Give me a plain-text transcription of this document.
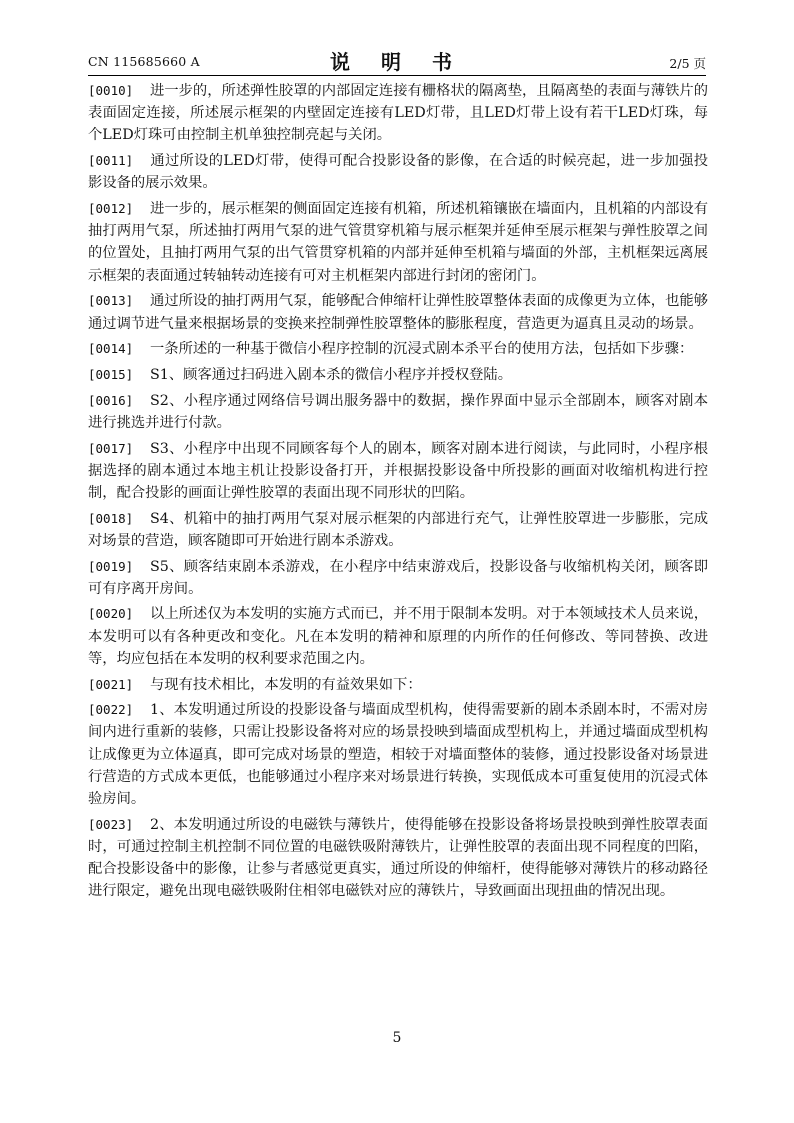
CN 115685660 A	说 明 书	2/5 页

[0010] 进一步的，所述弹性胶罩的内部固定连接有栅格状的隔离垫，且隔离垫的表面与薄铁片的表面固定连接，所述展示框架的内壁固定连接有LED灯带，且LED灯带上设有若干LED灯珠，每个LED灯珠可由控制主机单独控制亮起与关闭。

[0011] 通过所设的LED灯带，使得可配合投影设备的影像，在合适的时候亮起，进一步加强投影设备的展示效果。

[0012] 进一步的，展示框架的侧面固定连接有机箱，所述机箱镶嵌在墙面内，且机箱的内部设有抽打两用气泵，所述抽打两用气泵的进气管贯穿机箱与展示框架并延伸至展示框架与弹性胶罩之间的位置处，且抽打两用气泵的出气管贯穿机箱的内部并延伸至机箱与墙面的外部，主机框架远离展示框架的表面通过转轴转动连接有可对主机框架内部进行封闭的密闭门。

[0013] 通过所设的抽打两用气泵，能够配合伸缩杆让弹性胶罩整体表面的成像更为立体，也能够通过调节进气量来根据场景的变换来控制弹性胶罩整体的膨胀程度，营造更为逼真且灵动的场景。

[0014] 一条所述的一种基于微信小程序控制的沉浸式剧本杀平台的使用方法，包括如下步骤：

[0015] S1、顾客通过扫码进入剧本杀的微信小程序并授权登陆。

[0016] S2、小程序通过网络信号调出服务器中的数据，操作界面中显示全部剧本，顾客对剧本进行挑选并进行付款。

[0017] S3、小程序中出现不同顾客每个人的剧本，顾客对剧本进行阅读，与此同时，小程序根据选择的剧本通过本地主机让投影设备打开，并根据投影设备中所投影的画面对收缩机构进行控制，配合投影的画面让弹性胶罩的表面出现不同形状的凹陷。

[0018] S4、机箱中的抽打两用气泵对展示框架的内部进行充气，让弹性胶罩进一步膨胀，完成对场景的营造，顾客随即可开始进行剧本杀游戏。

[0019] S5、顾客结束剧本杀游戏，在小程序中结束游戏后，投影设备与收缩机构关闭，顾客即可有序离开房间。

[0020] 以上所述仅为本发明的实施方式而已，并不用于限制本发明。对于本领域技术人员来说，本发明可以有各种更改和变化。凡在本发明的精神和原理的内所作的任何修改、等同替换、改进等，均应包括在本发明的权利要求范围之内。

[0021] 与现有技术相比，本发明的有益效果如下：

[0022] 1、本发明通过所设的投影设备与墙面成型机构，使得需要新的剧本杀剧本时，不需对房间内进行重新的装修，只需让投影设备将对应的场景投映到墙面成型机构上，并通过墙面成型机构让成像更为立体逼真，即可完成对场景的塑造，相较于对墙面整体的装修，通过投影设备对场景进行营造的方式成本更低，也能够通过小程序来对场景进行转换，实现低成本可重复使用的沉浸式体验房间。

[0023] 2、本发明通过所设的电磁铁与薄铁片，使得能够在投影设备将场景投映到弹性胶罩表面时，可通过控制主机控制不同位置的电磁铁吸附薄铁片，让弹性胶罩的表面出现不同程度的凹陷，配合投影设备中的影像，让参与者感觉更真实，通过所设的伸缩杆，使得能够对薄铁片的移动路径进行限定，避免出现电磁铁吸附住相邻电磁铁对应的薄铁片，导致画面出现扭曲的情况出现。

5
